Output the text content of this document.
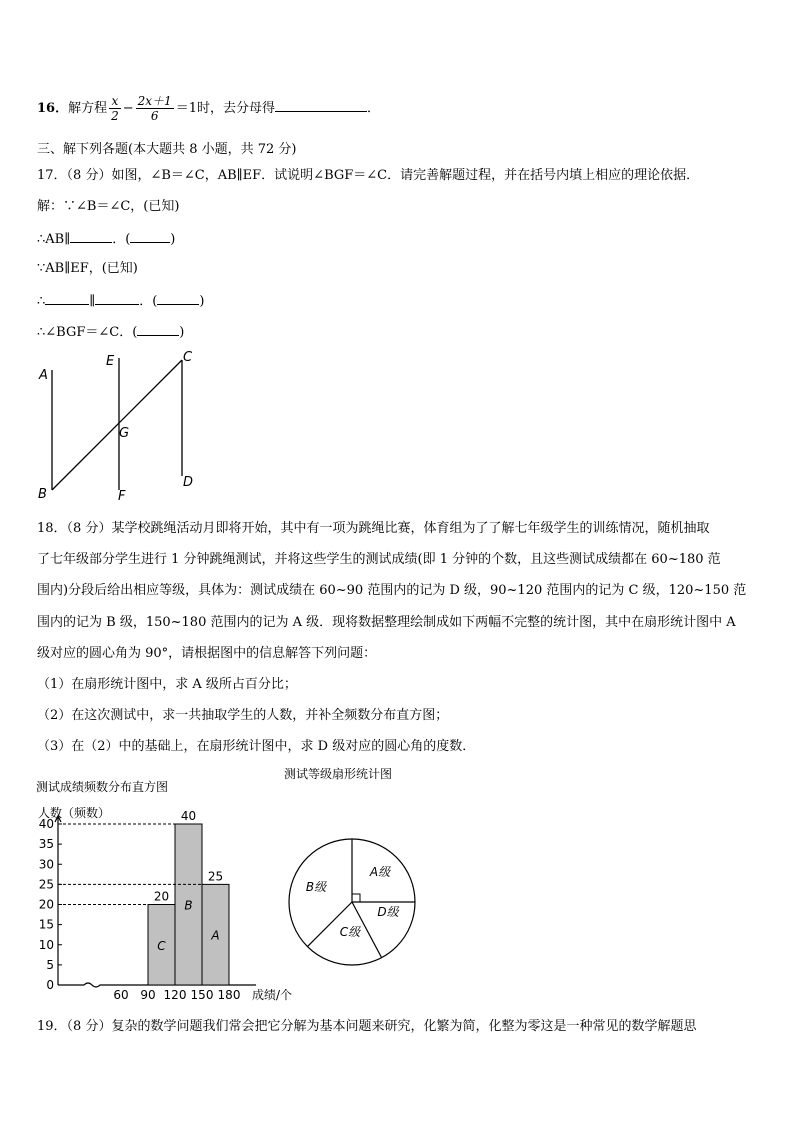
16．解方程 $\frac{x}{2} - \frac{2x+1}{6} =1$时，去分母得	．
三、解下列各题(本大题共 8 小题，共 72 分)
17．（8 分）如图，∠B＝∠C，AB∥EF．试说明∠BGF＝∠C．请完善解题过程，并在括号内填上相应的理论依据．
解：∵∠B＝∠C，(已知)
∴AB∥	．(	)
∵AB∥EF，(已知)
∴	∥	．(	)
∴∠BGF＝∠C．(	)
A
B
E
F
G
C
D
18．（8 分）某学校跳绳活动月即将开始，其中有一项为跳绳比赛，体育组为了了解七年级学生的训练情况，随机抽取
了七年级部分学生进行 1 分钟跳绳测试，并将这些学生的测试成绩(即 1 分钟的个数，且这些测试成绩都在 60~180 范
围内)分段后给出相应等级，具体为：测试成绩在 60~90 范围内的记为 D 级，90~120 范围内的记为 C 级，120~150 范
围内的记为 B 级，150~180 范围内的记为 A 级．现将数据整理绘制成如下两幅不完整的统计图，其中在扇形统计图中 A
级对应的圆心角为 90°，请根据图中的信息解答下列问题：
（1）在扇形统计图中，求 A 级所占百分比；
（2）在这次测试中，求一共抽取学生的人数，并补全频数分布直方图；
（3）在（2）中的基础上，在扇形统计图中，求 D 级对应的圆心角的度数．
测试成绩频数分布直方图
人数（频数）
成绩/个
0
5
10
15
20
25
30
35
40
60 90 120 150 180
20
C
40
B
25
A
测试等级扇形统计图
A级
D级
C级
B级
19．（8 分）复杂的数学问题我们常会把它分解为基本问题来研究，化繁为简，化整为零这是一种常见的数学解题思
